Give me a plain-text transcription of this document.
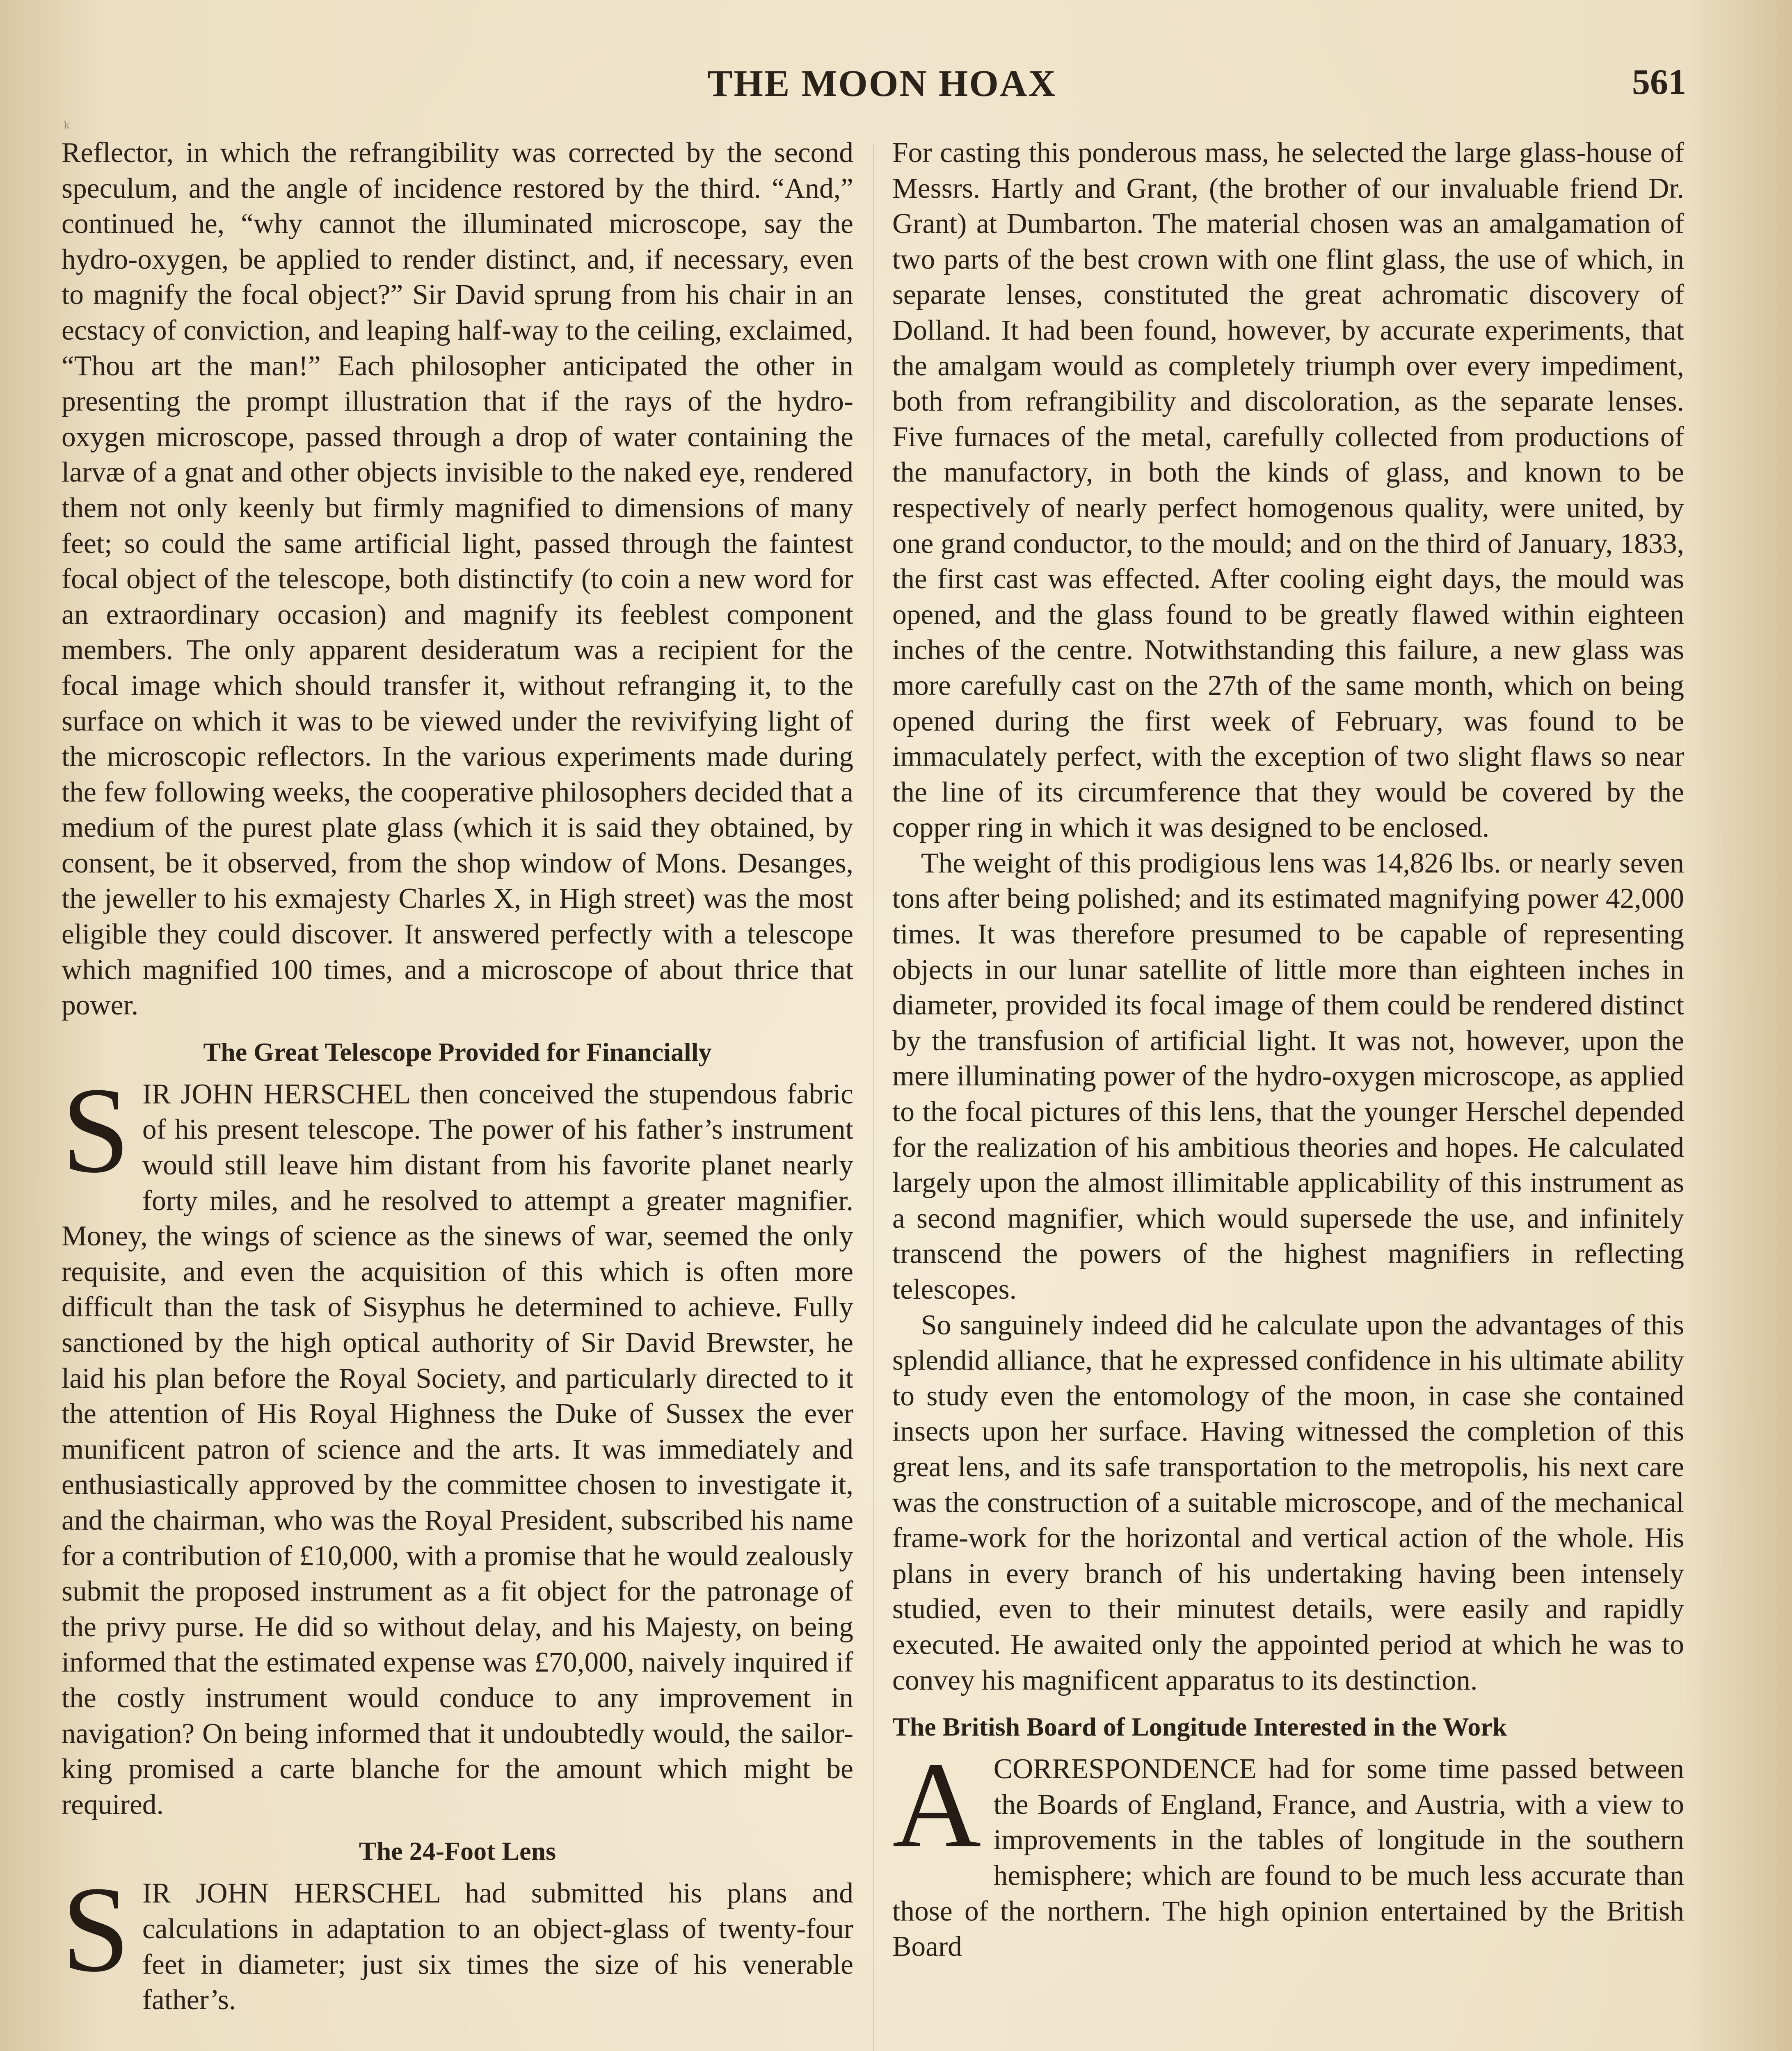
THE MOON HOAX	561
ᵏ

Reflector, in which the refrangibility was corrected by the second speculum, and the angle of incidence restored by the third. “And,” continued he, “why cannot the illuminated microscope, say the hydro-oxygen, be applied to render distinct, and, if necessary, even to magnify the focal object?” Sir David sprung from his chair in an ecstacy of conviction, and leaping half-way to the ceiling, exclaimed, “Thou art the man!” Each philosopher anticipated the other in presenting the prompt illustration that if the rays of the hydro-oxygen microscope, passed through a drop of water containing the larvæ of a gnat and other objects invisible to the naked eye, rendered them not only keenly but firmly magnified to dimensions of many feet; so could the same artificial light, passed through the faintest focal object of the telescope, both distinctify (to coin a new word for an extraordinary occasion) and magnify its feeblest component members. The only apparent desideratum was a recipient for the focal image which should transfer it, without refranging it, to the surface on which it was to be viewed under the revivifying light of the microscopic reflectors. In the various experiments made during the few following weeks, the cooperative philosophers decided that a medium of the purest plate glass (which it is said they obtained, by consent, be it observed, from the shop window of Mons. Desanges, the jeweller to his exmajesty Charles X, in High street) was the most eligible they could discover. It answered perfectly with a telescope which magnified 100 times, and a microscope of about thrice that power.

The Great Telescope Provided for Financially

SIR JOHN HERSCHEL then conceived the stupendous fabric of his present telescope. The power of his father’s instrument would still leave him distant from his favorite planet nearly forty miles, and he resolved to attempt a greater magnifier. Money, the wings of science as the sinews of war, seemed the only requisite, and even the acquisition of this which is often more difficult than the task of Sisyphus he determined to achieve. Fully sanctioned by the high optical authority of Sir David Brewster, he laid his plan before the Royal Society, and particularly directed to it the attention of His Royal Highness the Duke of Sussex the ever munificent patron of science and the arts. It was immediately and enthusiastically approved by the committee chosen to investigate it, and the chairman, who was the Royal President, subscribed his name for a contribution of £10,000, with a promise that he would zealously submit the proposed instrument as a fit object for the patronage of the privy purse. He did so without delay, and his Majesty, on being informed that the estimated expense was £70,000, naively inquired if the costly instrument would conduce to any improvement in navigation? On being informed that it undoubtedly would, the sailor-king promised a carte blanche for the amount which might be required.

The 24-Foot Lens

SIR JOHN HERSCHEL had submitted his plans and calculations in adaptation to an object-glass of twenty-four feet in diameter; just six times the size of his venerable father’s.

For casting this ponderous mass, he selected the large glass-house of Messrs. Hartly and Grant, (the brother of our invaluable friend Dr. Grant) at Dumbarton. The material chosen was an amalgamation of two parts of the best crown with one flint glass, the use of which, in separate lenses, constituted the great achromatic discovery of Dolland. It had been found, however, by accurate experiments, that the amalgam would as completely triumph over every impediment, both from refrangibility and discoloration, as the separate lenses. Five furnaces of the metal, carefully collected from productions of the manufactory, in both the kinds of glass, and known to be respectively of nearly perfect homogenous quality, were united, by one grand conductor, to the mould; and on the third of January, 1833, the first cast was effected. After cooling eight days, the mould was opened, and the glass found to be greatly flawed within eighteen inches of the centre. Notwithstanding this failure, a new glass was more carefully cast on the 27th of the same month, which on being opened during the first week of February, was found to be immaculately perfect, with the exception of two slight flaws so near the line of its circumference that they would be covered by the copper ring in which it was designed to be enclosed.

The weight of this prodigious lens was 14,826 lbs. or nearly seven tons after being polished; and its estimated magnifying power 42,000 times. It was therefore presumed to be capable of representing objects in our lunar satellite of little more than eighteen inches in diameter, provided its focal image of them could be rendered distinct by the transfusion of artificial light. It was not, however, upon the mere illuminating power of the hydro-oxygen microscope, as applied to the focal pictures of this lens, that the younger Herschel depended for the realization of his ambitious theories and hopes. He calculated largely upon the almost illimitable applicability of this instrument as a second magnifier, which would supersede the use, and infinitely transcend the powers of the highest magnifiers in reflecting telescopes.

So sanguinely indeed did he calculate upon the advantages of this splendid alliance, that he expressed confidence in his ultimate ability to study even the entomology of the moon, in case she contained insects upon her surface. Having witnessed the completion of this great lens, and its safe transportation to the metropolis, his next care was the construction of a suitable microscope, and of the mechanical frame-work for the horizontal and vertical action of the whole. His plans in every branch of his undertaking having been intensely studied, even to their minutest details, were easily and rapidly executed. He awaited only the appointed period at which he was to convey his magnificent apparatus to its destinction.

The British Board of Longitude Interested in the Work

ACORRESPONDENCE had for some time passed between the Boards of England, France, and Austria, with a view to improvements in the tables of longitude in the southern hemisphere; which are found to be much less accurate than those of the northern. The high opinion entertained by the British Board
